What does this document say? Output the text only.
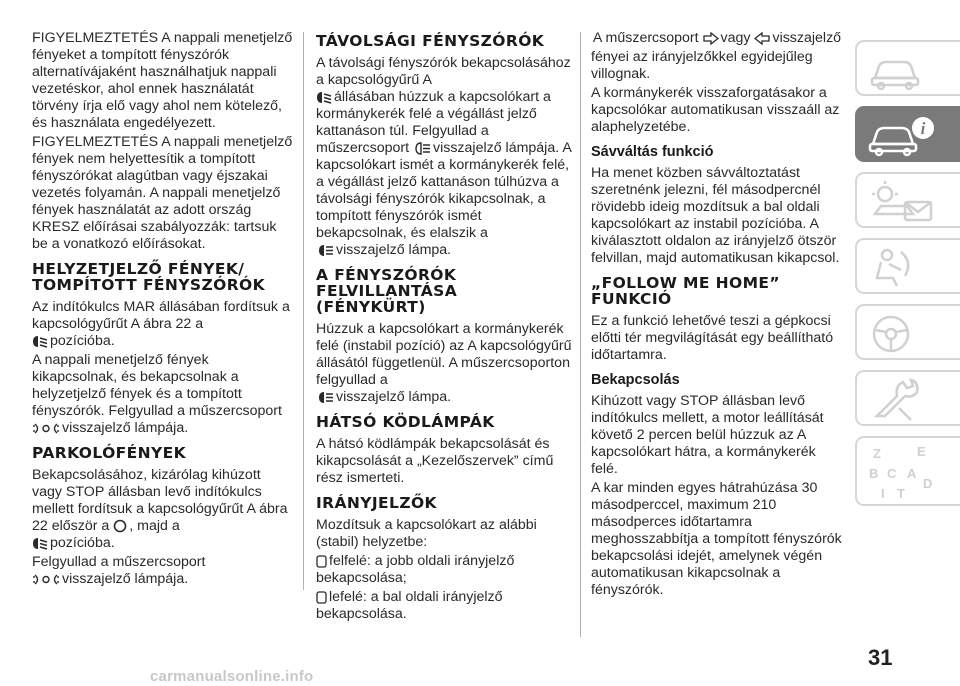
FIGYELMEZTETÉS A nappali menetjelző fényeket a tompított fényszórók alternatívájaként használhatjuk nappali vezetéskor, ahol ennek használatát törvény írja elő vagy ahol nem kötelező, és használata engedélyezett.

FIGYELMEZTETÉS A nappali menetjelző fények nem helyettesítik a tompított fényszórókat alagútban vagy éjszakai vezetés folyamán. A nappali menetjelző fények használatát az adott ország KRESZ előírásai szabályozzák: tartsuk be a vonatkozó előírásokat.

HELYZETJELZŐ FÉNYEK/ TOMPÍTOTT FÉNYSZÓRÓK

Az indítókulcs MAR állásában fordítsuk a kapcsológyűrűt A ábra 22 a
pozícióba.

A nappali menetjelző fények kikapcsolnak, és bekapcsolnak a helyzetjelző fények és a tompított fényszórók. Felgyullad a műszercsoport
visszajelző lámpája.

PARKOLÓFÉNYEK

Bekapcsolásához, kizárólag kihúzott vagy STOP állásban levő indítókulcs mellett fordítsuk a kapcsológyűrűt A ábra 22 először a , majd a
pozícióba.

Felgyullad a műszercsoport
visszajelző lámpája.

TÁVOLSÁGI FÉNYSZÓRÓK

A távolsági fényszórók bekapcsolásához a kapcsológyűrű A
állásában húzzuk a kapcsolókart a kormánykerék felé a végállást jelző kattanáson túl. Felgyullad a műszercsoport visszajelző lámpája. A kapcsolókart ismét a kormánykerék felé, a végállást jelző kattanáson túlhúzva a távolsági fényszórók kikapcsolnak, a tompított fényszórók ismét bekapcsolnak, és elalszik a
visszajelző lámpa.

A FÉNYSZÓRÓK FELVILLANTÁSA (FÉNYKÜRT)

Húzzuk a kapcsolókart a kormánykerék felé (instabil pozíció) az A kapcsológyűrű állásától függetlenül. A műszercsoporton felgyullad a
visszajelző lámpa.

HÁTSÓ KÖDLÁMPÁK

A hátsó ködlámpák bekapcsolását és kikapcsolását a „Kezelőszervek” című rész ismerteti.

IRÁNYJELZŐK

Mozdítsuk a kapcsolókart az alábbi (stabil) helyzetbe:

felfelé: a jobb oldali irányjelző
bekapcsolása;

lefelé: a bal oldali irányjelző
bekapcsolása.

A műszercsoport vagy visszajelző

fényei az irányjelzőkkel egyidejűleg villognak.

A kormánykerék visszaforgatásakor a kapcsolókar automatikusan visszaáll az alaphelyzetébe.

Sávváltás funkció

Ha menet közben sávváltoztatást szeretnénk jelezni, fél másodpercnél rövidebb ideig mozdítsuk a bal oldali kapcsolókart az instabil pozícióba. A kiválasztott oldalon az irányjelző ötször felvillan, majd automatikusan kikapcsol.

„FOLLOW ME HOME” FUNKCIÓ

Ez a funkció lehetővé teszi a gépkocsi előtti tér megvilágítását egy beállítható időtartamra.

Bekapcsolás

Kihúzott vagy STOP állásban levő indítókulcs mellett, a motor leállítását követő 2 percen belül húzzuk az A kapcsolókart hátra, a kormánykerék felé.

A kar minden egyes hátrahúzása 30 másodperccel, maximum 210 másodperces időtartamra meghosszabbítja a tompított fényszórók bekapcsolási idejét, amelynek végén automatikusan kikapcsolnak a fényszórók.

i
Z	E
B C A
I T
D
31
carmanualsonline.info
